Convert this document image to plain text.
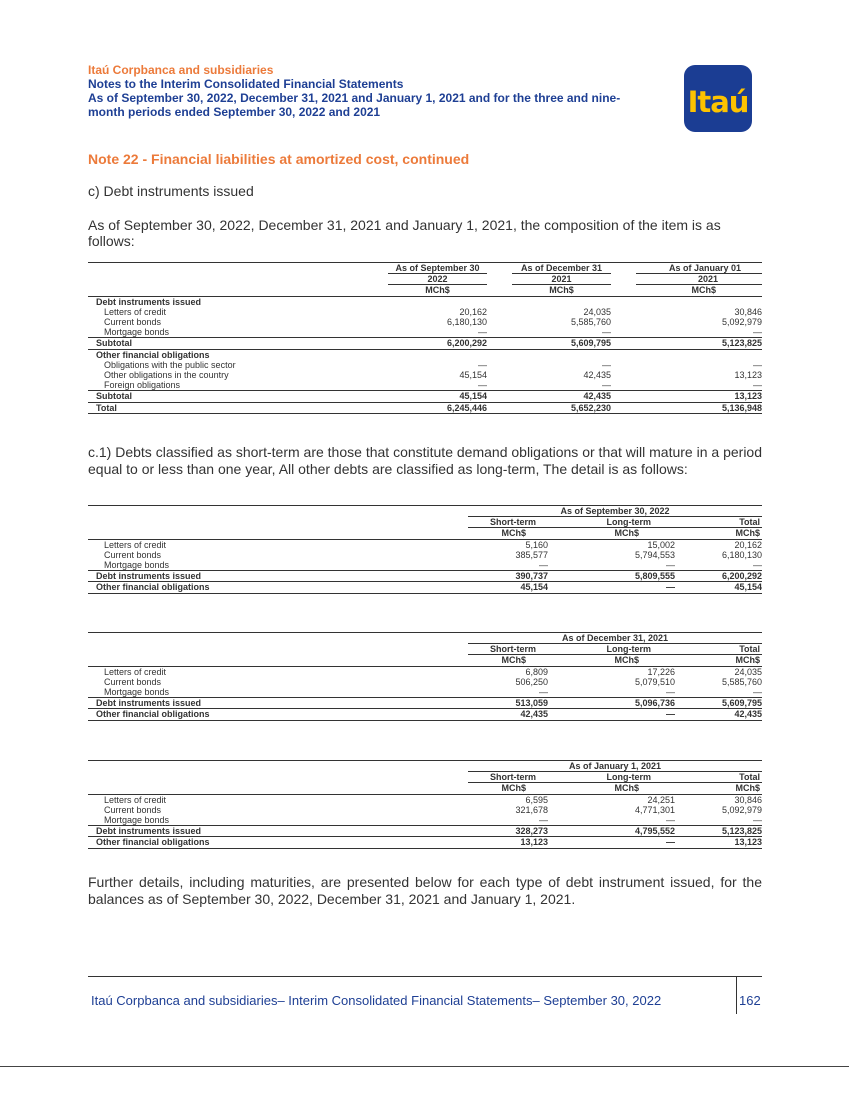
Itaú Corpbanca and subsidiaries
Notes to the Interim Consolidated Financial Statements
As of September 30, 2022, December 31, 2021 and January 1, 2021 and for the three and nine-
month periods ended September 30, 2022 and 2021	Itaú
Note 22 - Financial liabilities at amortized cost, continued
c) Debt instruments issued
As of September 30, 2022, December 31, 2021 and January 1, 2021, the composition of the item is as follows:
	As of September 30		As of December 31		As of January 01
	2022		2021		2021
	MCh$		MCh$		MCh$
Debt instruments issued					
Letters of credit	20,162		24,035		30,846
Current bonds	6,180,130		5,585,760		5,092,979
Mortgage bonds	—		—		—
Subtotal	6,200,292		5,609,795		5,123,825
Other financial obligations					
Obligations with the public sector	—		—		—
Other obligations in the country	45,154		42,435		13,123
Foreign obligations	—		—		—
Subtotal	45,154		42,435		13,123
Total	6,245,446		5,652,230		5,136,948
c.1) Debts classified as short-term are those that constitute demand obligations or that will mature in a period equal to or less than one year, All other debts are classified as long-term, The detail is as follows:
	As of September 30, 2022		
	Short-term	Long-term	Total
	MCh$	MCh$	MCh$
Letters of credit	5,160	15,002	20,162
Current bonds	385,577	5,794,553	6,180,130
Mortgage bonds	—	—	—
Debt instruments issued	390,737	5,809,555	6,200,292
Other financial obligations	45,154	—	45,154
	As of December 31, 2021		
	Short-term	Long-term	Total
	MCh$	MCh$	MCh$
Letters of credit	6,809	17,226	24,035
Current bonds	506,250	5,079,510	5,585,760
Mortgage bonds	—	—	—
Debt instruments issued	513,059	5,096,736	5,609,795
Other financial obligations	42,435	—	42,435
	As of January 1, 2021		
	Short-term	Long-term	Total
	MCh$	MCh$	MCh$
Letters of credit	6,595	24,251	30,846
Current bonds	321,678	4,771,301	5,092,979
Mortgage bonds	—	—	—
Debt instruments issued	328,273	4,795,552	5,123,825
Other financial obligations	13,123	—	13,123
Further details, including maturities, are presented below for each type of debt instrument issued, for the balances as of September 30, 2022, December 31, 2021 and January 1, 2021.
Itaú Corpbanca and subsidiaries– Interim Consolidated Financial Statements– September 30, 2022	162
